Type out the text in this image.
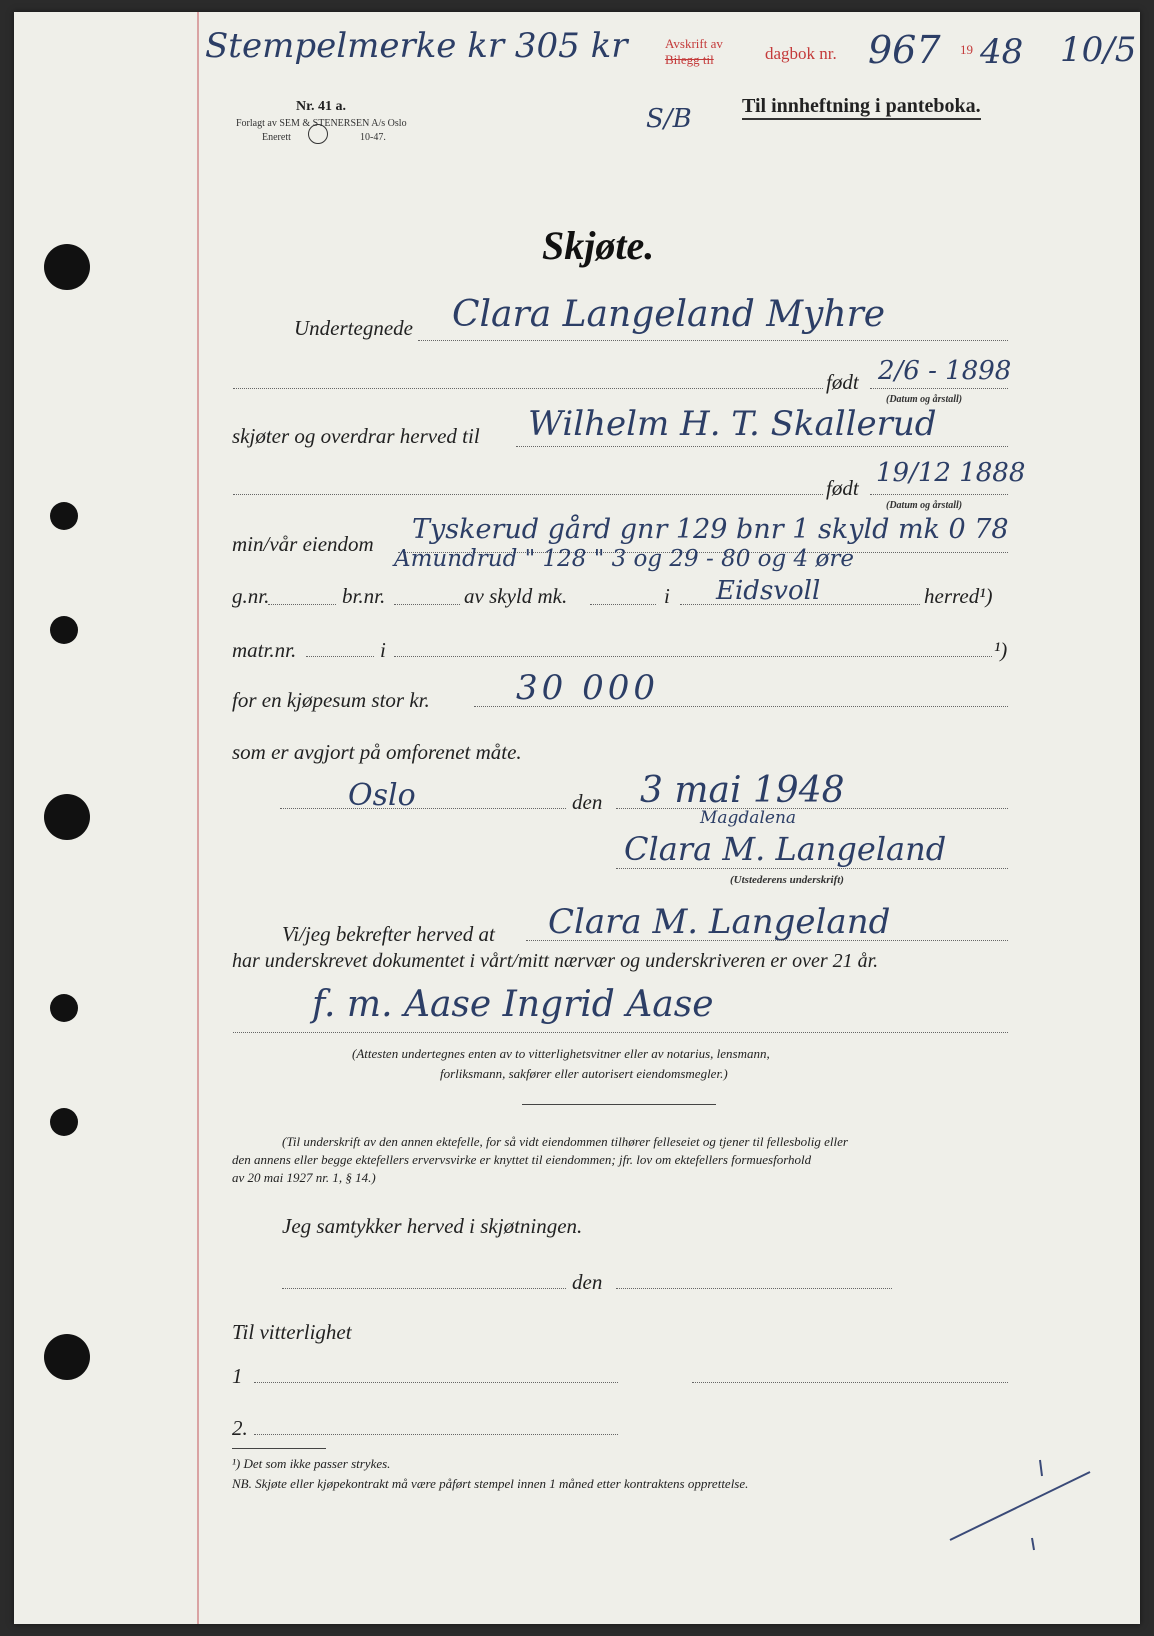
Stempelmerke kr 305 kr	Avskrift av
Bilegg til	dagbok nr. 967 19 48 10/5
Nr. 41 a.
Forlagt av SEM & STENERSEN A/s Oslo
Enerett	10-47.
S/B	Til innheftning i panteboka.
Skjøte.
Undertegnede Clara Langeland Myhre
født 2/6 - 1898
(Datum og årstall)
skjøter og overdrar herved til Wilhelm H. T. Skallerud
født 19/12 1888
(Datum og årstall)
min/vår eiendom Tyskerud gård gnr 129 bnr 1 skyld mk 0 78
Amundrud " 128 " 3 og 29 - 80 og 4 øre
g.nr.	br.nr.	av skyld mk.	i Eidsvoll	herred¹)
matr.nr.	i	¹)
for en kjøpesum stor kr.	30 000
som er avgjort på omforenet måte.
Oslo	den 3 mai 1948
Magdalena
Clara M. Langeland
(Utstederens underskrift)
Vi/jeg bekrefter herved at Clara M. Langeland
har underskrevet dokumentet i vårt/mitt nærvær og underskriveren er over 21 år.
f. m. Aase Ingrid Aase
(Attesten undertegnes enten av to vitterlighetsvitner eller av notarius, lensmann,
forliksmann, sakfører eller autorisert eiendomsmegler.)
(Til underskrift av den annen ektefelle, for så vidt eiendommen tilhører felleseiet og tjener til fellesbolig eller
den annens eller begge ektefellers ervervsvirke er knyttet til eiendommen; jfr. lov om ektefellers formuesforhold
av 20 mai 1927 nr. 1, § 14.)
Jeg samtykker herved i skjøtningen.
den
Til vitterlighet
1
2.
¹) Det som ikke passer strykes.
NB. Skjøte eller kjøpekontrakt må være påført stempel innen 1 måned etter kontraktens opprettelse.
